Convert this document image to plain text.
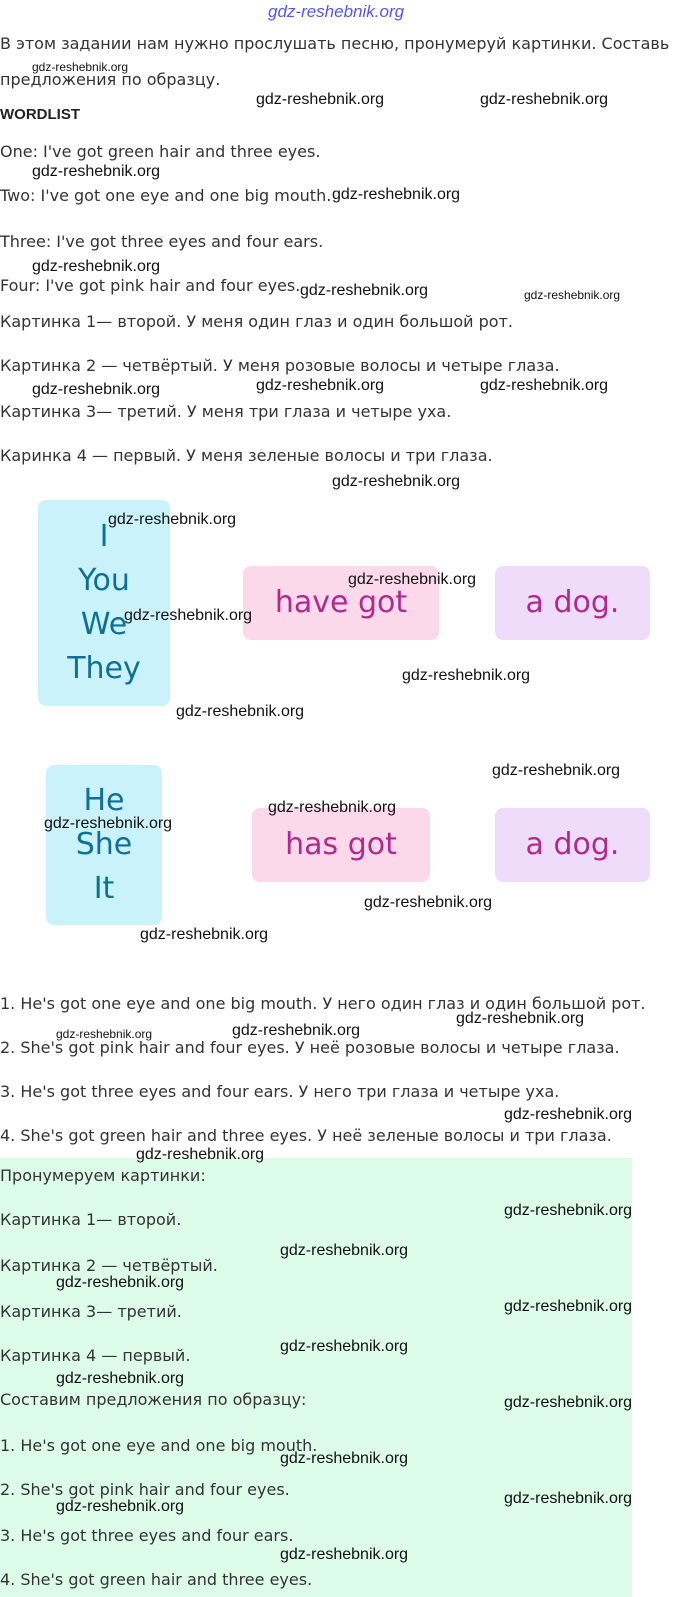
gdz-reshebnik.org
В этом задании нам нужно прослушать песню, пронумеруй картинки. Составь
предложения по образцу.
gdz-reshebnik.org
WORDLIST
gdz-reshebnik.org	gdz-reshebnik.org
One: I've got green hair and three eyes.
gdz-reshebnik.org
Two: I've got one eye and one big mouth. gdz-reshebnik.org
Three: I've got three eyes and four ears.
gdz-reshebnik.org
Four: I've got pink hair and four eyes. gdz-reshebnik.org	gdz-reshebnik.org
Картинка 1— второй. У меня один глаз и один большой рот.
Картинка 2 — четвёртый. У меня розовые волосы и четыре глаза.
gdz-reshebnik.org	gdz-reshebnik.org	gdz-reshebnik.org
Картинка 3— третий. У меня три глаза и четыре уха.
Каринка 4 — первый. У меня зеленые волосы и три глаза.
gdz-reshebnik.org
I
You
We
They
have got	a dog.
gdz-reshebnik.org
gdz-reshebnik.org
gdz-reshebnik.org
gdz-reshebnik.org
gdz-reshebnik.org
He
She
It
has got	a dog.
gdz-reshebnik.org
gdz-reshebnik.org
gdz-reshebnik.org
gdz-reshebnik.org
gdz-reshebnik.org
1. He's got one eye and one big mouth. У него один глаз и один большой рот.
gdz-reshebnik.org
gdz-reshebnik.org	gdz-reshebnik.org
2. She's got pink hair and four eyes. У неё розовые волосы и четыре глаза.
3. He's got three eyes and four ears. У него три глаза и четыре уха.
gdz-reshebnik.org
4. She's got green hair and three eyes. У неё зеленые волосы и три глаза.
gdz-reshebnik.org
Пронумеруем картинки:
gdz-reshebnik.org
Картинка 1— второй.
gdz-reshebnik.org
Картинка 2 — четвёртый.
gdz-reshebnik.org
gdz-reshebnik.org
Картинка 3— третий.
gdz-reshebnik.org
Картинка 4 — первый.
gdz-reshebnik.org
Составим предложения по образцу:	gdz-reshebnik.org
1. He's got one eye and one big mouth.
gdz-reshebnik.org
2. She's got pink hair and four eyes.	gdz-reshebnik.org
gdz-reshebnik.org
3. He's got three eyes and four ears.
gdz-reshebnik.org
4. She's got green hair and three eyes.
